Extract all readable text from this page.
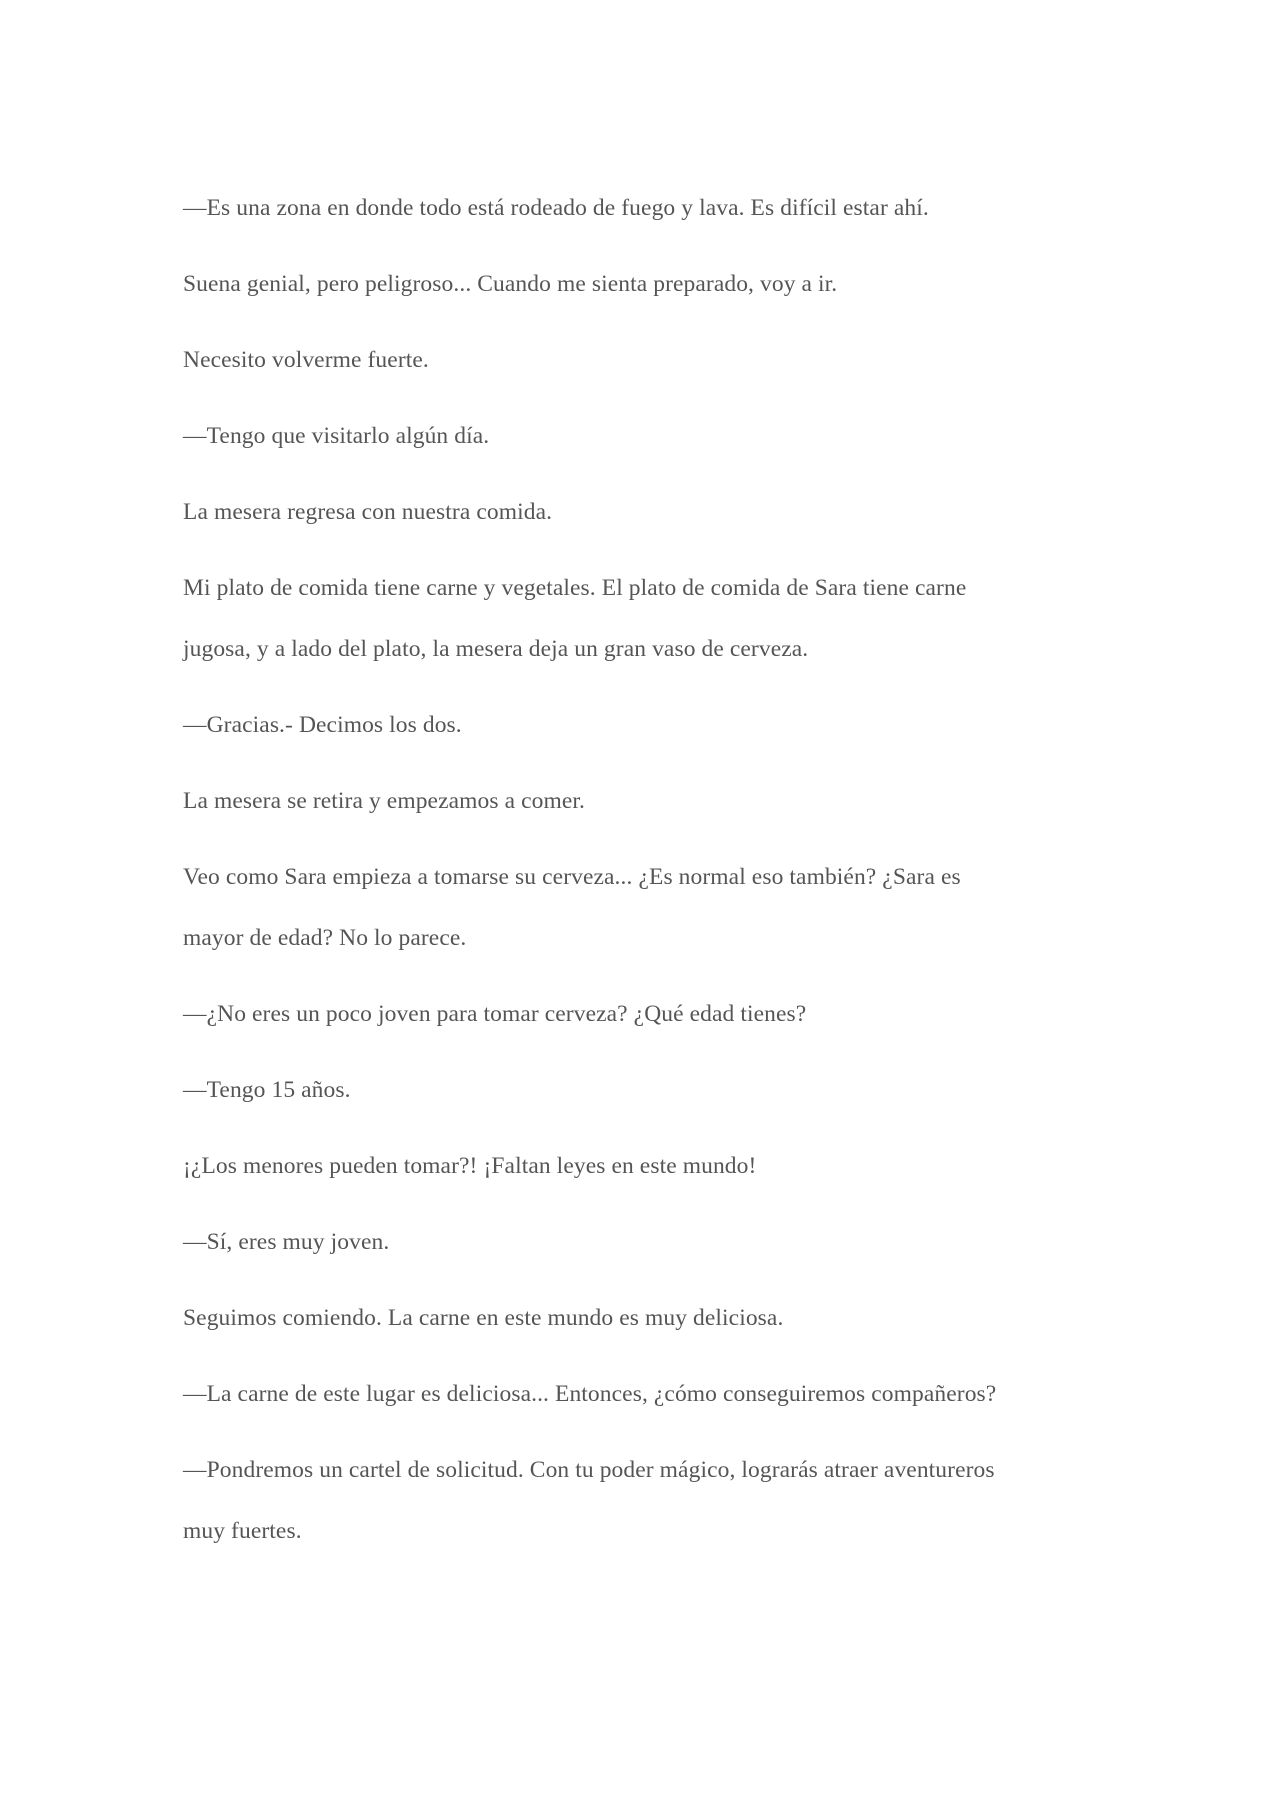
—Es una zona en donde todo está rodeado de fuego y lava. Es difícil estar ahí.

Suena genial, pero peligroso... Cuando me sienta preparado, voy a ir.

Necesito volverme fuerte.

—Tengo que visitarlo algún día.

La mesera regresa con nuestra comida.

Mi plato de comida tiene carne y vegetales. El plato de comida de Sara tiene carne
jugosa, y a lado del plato, la mesera deja un gran vaso de cerveza.

—Gracias.- Decimos los dos.

La mesera se retira y empezamos a comer.

Veo como Sara empieza a tomarse su cerveza... ¿Es normal eso también? ¿Sara es
mayor de edad? No lo parece.

—¿No eres un poco joven para tomar cerveza? ¿Qué edad tienes?

—Tengo 15 años.

¡¿Los menores pueden tomar?! ¡Faltan leyes en este mundo!

—Sí, eres muy joven.

Seguimos comiendo. La carne en este mundo es muy deliciosa.

—La carne de este lugar es deliciosa... Entonces, ¿cómo conseguiremos compañeros?

—Pondremos un cartel de solicitud. Con tu poder mágico, lograrás atraer aventureros
muy fuertes.
